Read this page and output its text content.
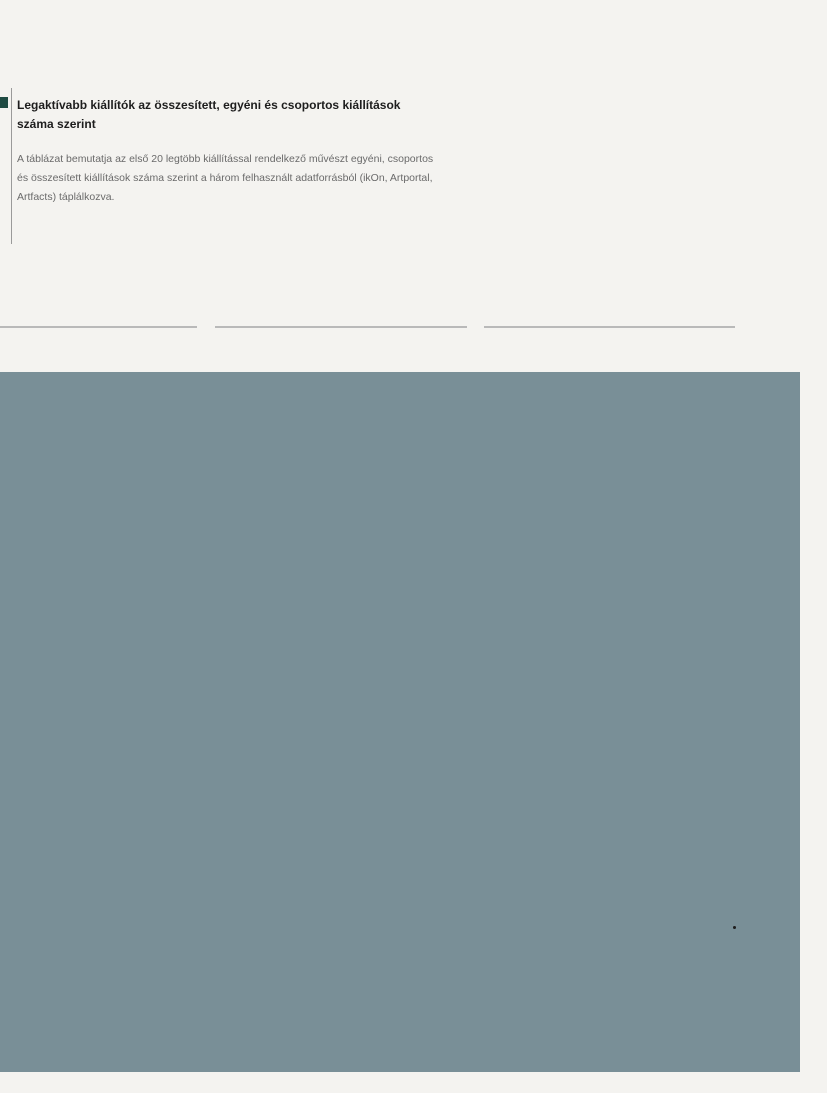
Legaktívabb kiállítók az összesített, egyéni és csoportos kiállítások száma szerint

A táblázat bemutatja az első 20 legtöbb kiállítással rendelkező művészt egyéni, csoportos és összesített kiállítások száma szerint a három felhasznált adatforrásból (ikOn, Artportal, Artfacts) táplálkozva.
